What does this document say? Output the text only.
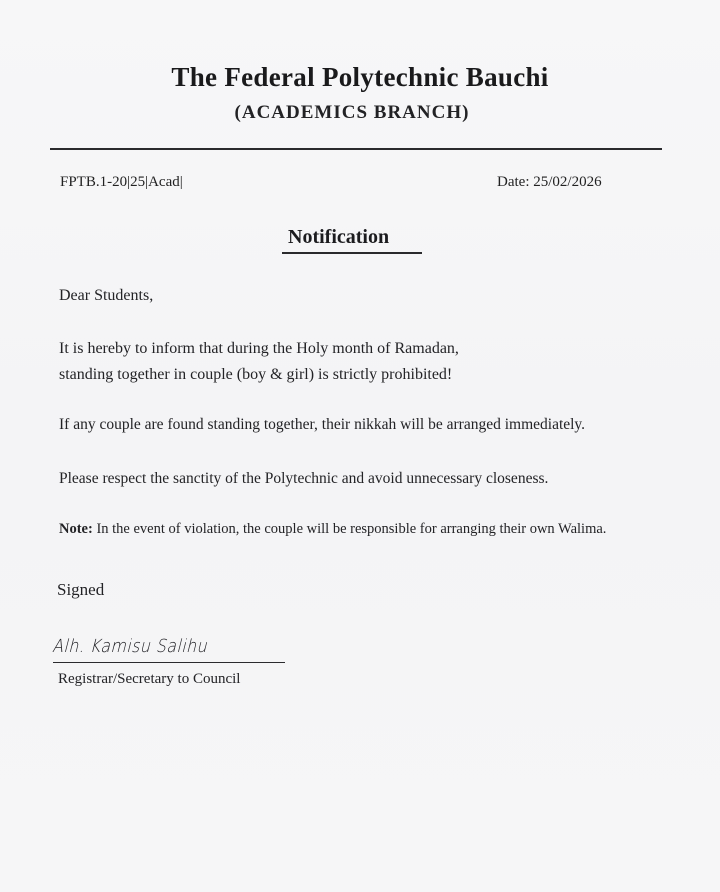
The Federal Polytechnic Bauchi
(ACADEMICS BRANCH)
FPTB.1-20|25|Acad|	Date: 25/02/2026
Notification
Dear Students,
It is hereby to inform that during the Holy month of Ramadan,
standing together in couple (boy & girl) is strictly prohibited!
If any couple are found standing together, their nikkah will be arranged immediately.
Please respect the sanctity of the Polytechnic and avoid unnecessary closeness.
Note: In the event of violation, the couple will be responsible for arranging their own Walima.
Signed
Alh. Kamisu Salihu
Registrar/Secretary to Council
